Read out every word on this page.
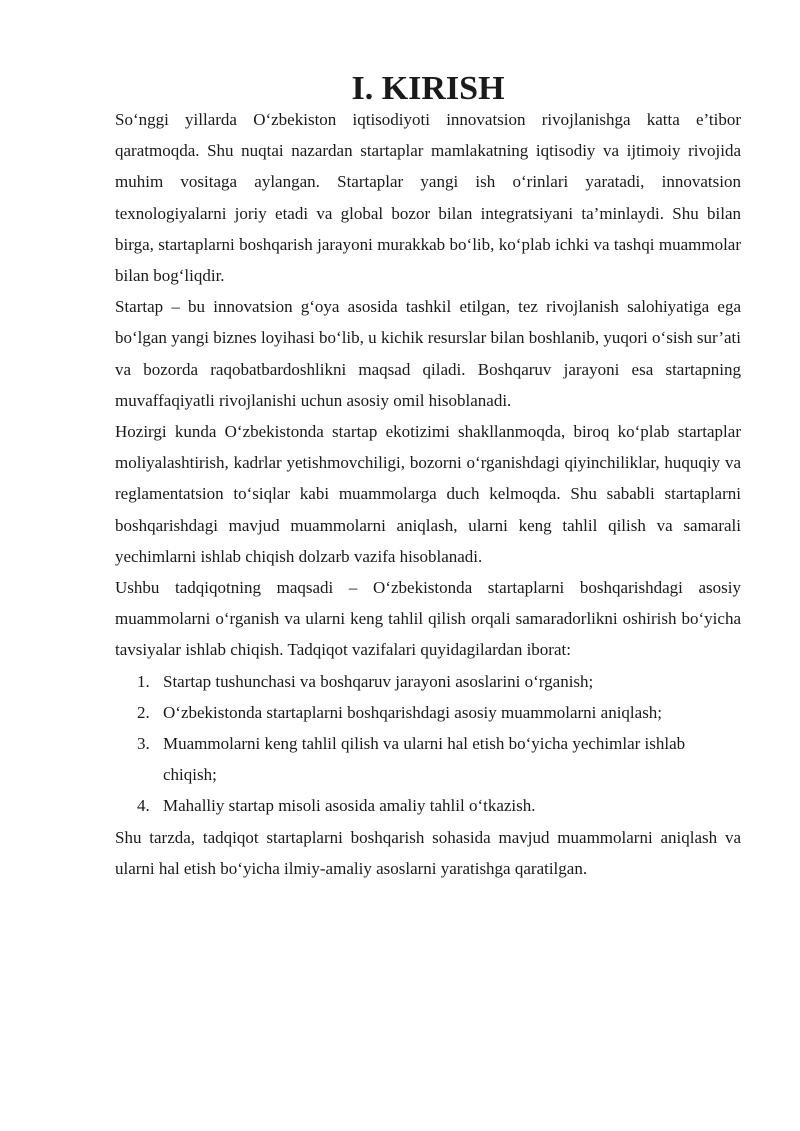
I. KIRISH

So‘nggi yillarda O‘zbekiston iqtisodiyoti innovatsion rivojlanishga katta e’tibor qaratmoqda. Shu nuqtai nazardan startaplar mamlakatning iqtisodiy va ijtimoiy rivojida muhim vositaga aylangan. Startaplar yangi ish o‘rinlari yaratadi, innovatsion texnologiyalarni joriy etadi va global bozor bilan integratsiyani ta’minlaydi. Shu bilan birga, startaplarni boshqarish jarayoni murakkab bo‘lib, ko‘plab ichki va tashqi muammolar bilan bog‘liqdir.

Startap – bu innovatsion g‘oya asosida tashkil etilgan, tez rivojlanish salohiyatiga ega bo‘lgan yangi biznes loyihasi bo‘lib, u kichik resurslar bilan boshlanib, yuqori o‘sish sur’ati va bozorda raqobatbardoshlikni maqsad qiladi. Boshqaruv jarayoni esa startapning muvaffaqiyatli rivojlanishi uchun asosiy omil hisoblanadi.

Hozirgi kunda O‘zbekistonda startap ekotizimi shakllanmoqda, biroq ko‘plab startaplar moliyalashtirish, kadrlar yetishmovchiligi, bozorni o‘rganishdagi qiyinchiliklar, huquqiy va reglamentatsion to‘siqlar kabi muammolarga duch kelmoqda. Shu sababli startaplarni boshqarishdagi mavjud muammolarni aniqlash, ularni keng tahlil qilish va samarali yechimlarni ishlab chiqish dolzarb vazifa hisoblanadi.

Ushbu tadqiqotning maqsadi – O‘zbekistonda startaplarni boshqarishdagi asosiy muammolarni o‘rganish va ularni keng tahlil qilish orqali samaradorlikni oshirish bo‘yicha tavsiyalar ishlab chiqish. Tadqiqot vazifalari quyidagilardan iborat:

1. Startap tushunchasi va boshqaruv jarayoni asoslarini o‘rganish;
2. O‘zbekistonda startaplarni boshqarishdagi asosiy muammolarni aniqlash;
3. Muammolarni keng tahlil qilish va ularni hal etish bo‘yicha yechimlar ishlab chiqish;
4. Mahalliy startap misoli asosida amaliy tahlil o‘tkazish.

Shu tarzda, tadqiqot startaplarni boshqarish sohasida mavjud muammolarni aniqlash va ularni hal etish bo‘yicha ilmiy-amaliy asoslarni yaratishga qaratilgan.
